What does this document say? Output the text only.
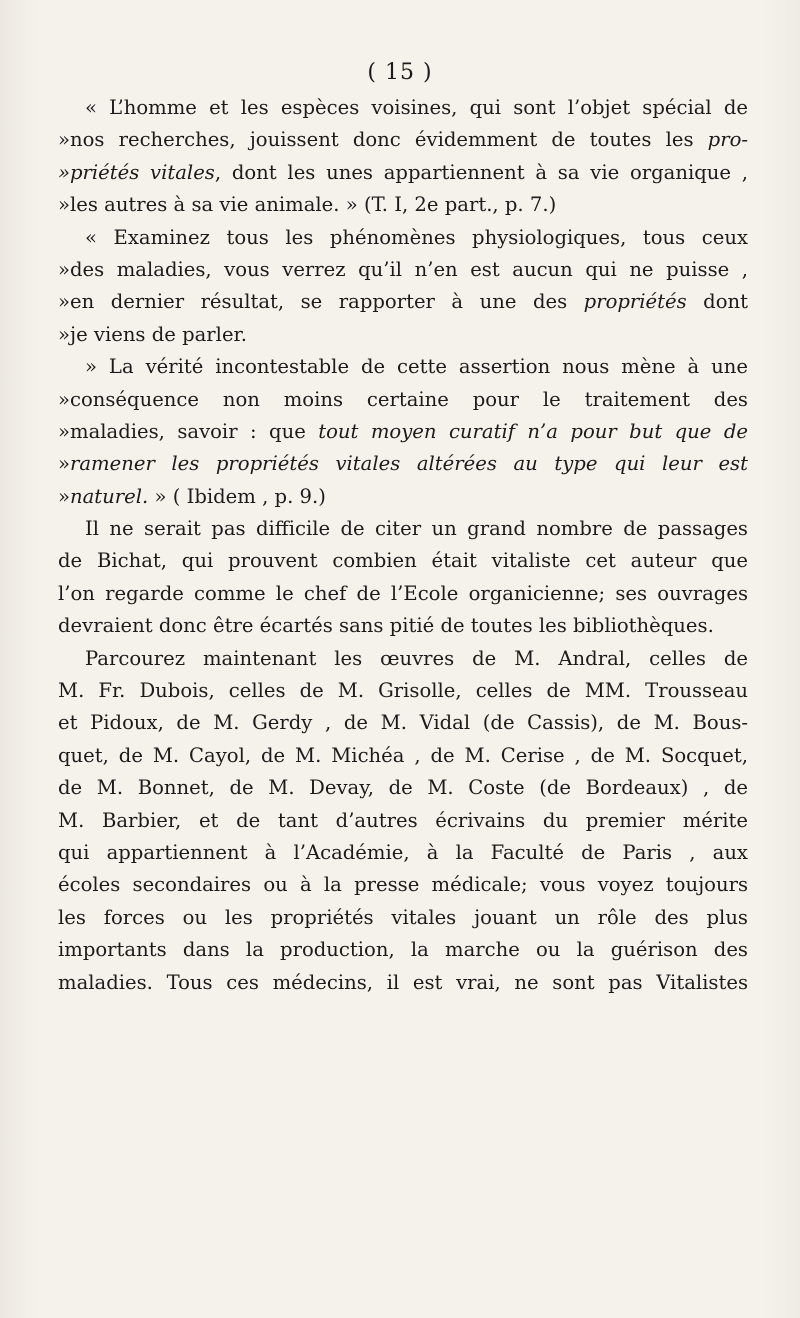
( 15 )
« L’homme et les espèces voisines, qui sont l’objet spécial de
»nos recherches, jouissent donc évidemment de toutes les pro-
»priétés vitales, dont les unes appartiennent à sa vie organique ,
»les autres à sa vie animale. » (T. I, 2e part., p. 7.)
« Examinez tous les phénomènes physiologiques, tous ceux
»des maladies, vous verrez qu’il n’en est aucun qui ne puisse ,
»en dernier résultat, se rapporter à une des propriétés dont
»je viens de parler.
» La vérité incontestable de cette assertion nous mène à une
»conséquence non moins certaine pour le traitement des
»maladies, savoir : que tout moyen curatif n’a pour but que de
»ramener les propriétés vitales altérées au type qui leur est
»naturel. » ( Ibidem , p. 9.)
Il ne serait pas difficile de citer un grand nombre de passages
de Bichat, qui prouvent combien était vitaliste cet auteur que
l’on regarde comme le chef de l’Ecole organicienne; ses ouvrages
devraient donc être écartés sans pitié de toutes les bibliothèques.
Parcourez maintenant les œuvres de M. Andral, celles de
M. Fr. Dubois, celles de M. Grisolle, celles de MM. Trousseau
et Pidoux, de M. Gerdy , de M. Vidal (de Cassis), de M. Bous-
quet, de M. Cayol, de M. Michéa , de M. Cerise , de M. Socquet,
de M. Bonnet, de M. Devay, de M. Coste (de Bordeaux) , de
M. Barbier, et de tant d’autres écrivains du premier mérite
qui appartiennent à l’Académie, à la Faculté de Paris , aux
écoles secondaires ou à la presse médicale; vous voyez toujours
les forces ou les propriétés vitales jouant un rôle des plus
importants dans la production, la marche ou la guérison des
maladies. Tous ces médecins, il est vrai, ne sont pas Vitalistes
